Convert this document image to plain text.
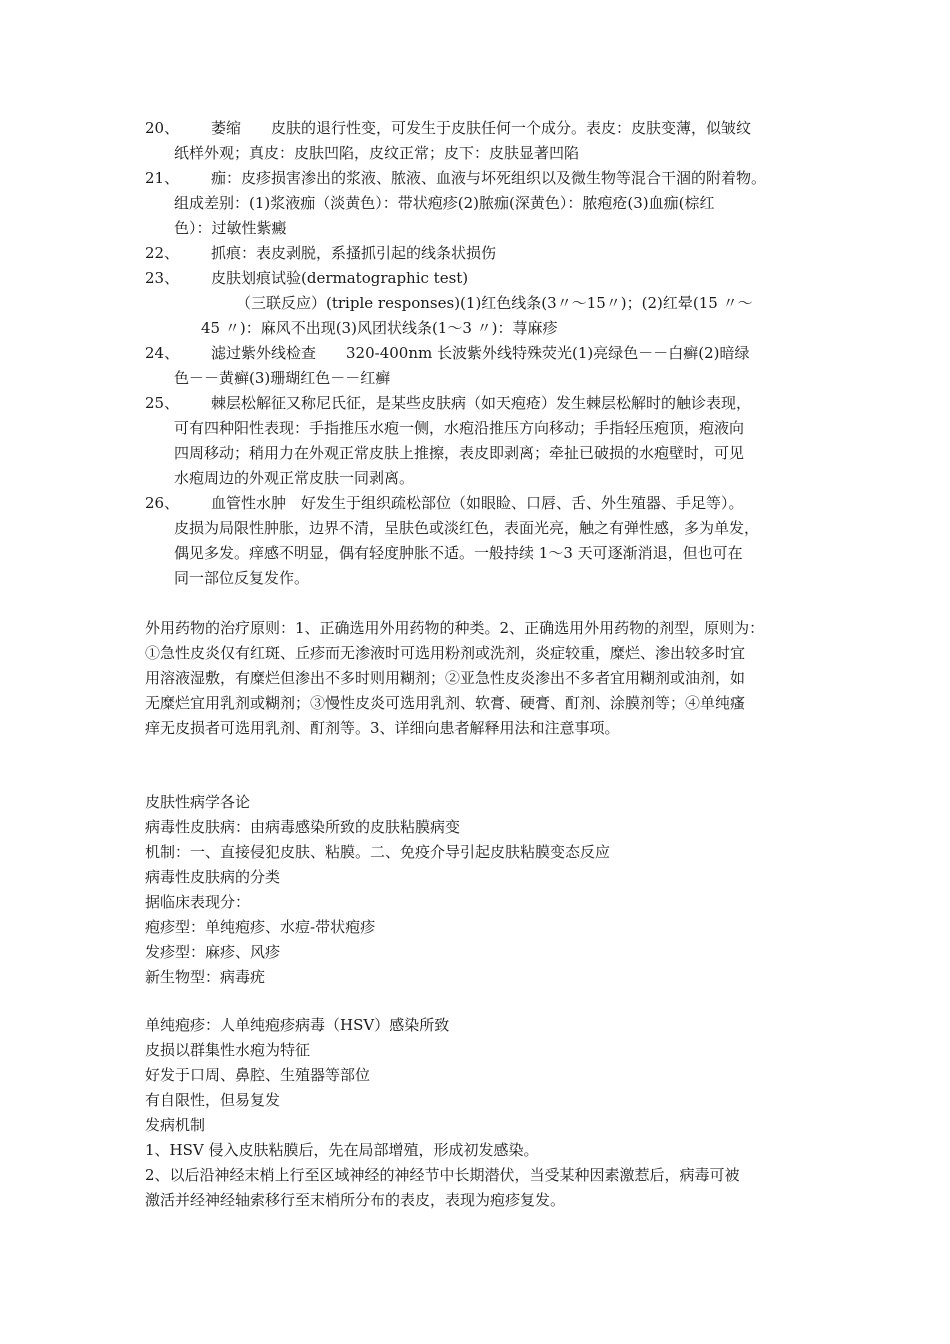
20、 萎缩　　皮肤的退行性变，可发生于皮肤任何一个成分。表皮：皮肤变薄，似皱纹
纸样外观；真皮：皮肤凹陷，皮纹正常；皮下：皮肤显著凹陷
21、 痂：皮疹损害渗出的浆液、脓液、血液与坏死组织以及微生物等混合干涸的附着物。
组成差别：(1)浆液痂（淡黄色）：带状疱疹(2)脓痂(深黄色）：脓疱疮(3)血痂(棕红
色）：过敏性紫癜
22、 抓痕：表皮剥脱，系搔抓引起的线条状损伤
23、 皮肤划痕试验(dermatographic test)
（三联反应）(triple responses)(1)红色线条(3〃～15〃)；(2)红晕(15 〃～
45 〃)：麻风不出现(3)风团状线条(1～3 〃)：荨麻疹
24、 滤过紫外线检查　　320-400nm 长波紫外线特殊荧光(1)亮绿色－－白癣(2)暗绿
色－－黄癣(3)珊瑚红色－－红癣
25、 棘层松解征又称尼氏征，是某些皮肤病（如天疱疮）发生棘层松解时的触诊表现，
可有四种阳性表现：手指推压水疱一侧，水疱沿推压方向移动；手指轻压疱顶，疱液向
四周移动；稍用力在外观正常皮肤上推擦，表皮即剥离；牵扯已破损的水疱壁时，可见
水疱周边的外观正常皮肤一同剥离。
26、 血管性水肿　好发生于组织疏松部位（如眼睑、口唇、舌、外生殖器、手足等）。
皮损为局限性肿胀，边界不清，呈肤色或淡红色，表面光亮，触之有弹性感，多为单发，
偶见多发。痒感不明显，偶有轻度肿胀不适。一般持续 1～3 天可逐渐消退，但也可在
同一部位反复发作。
外用药物的治疗原则：1、正确选用外用药物的种类。2、正确选用外用药物的剂型，原则为：
①急性皮炎仅有红斑、丘疹而无渗液时可选用粉剂或洗剂，炎症较重，糜烂、渗出较多时宜
用溶液湿敷，有糜烂但渗出不多时则用糊剂；②亚急性皮炎渗出不多者宜用糊剂或油剂，如
无糜烂宜用乳剂或糊剂；③慢性皮炎可选用乳剂、软膏、硬膏、酊剂、涂膜剂等；④单纯瘙
痒无皮损者可选用乳剂、酊剂等。3、详细向患者解释用法和注意事项。
皮肤性病学各论
病毒性皮肤病：由病毒感染所致的皮肤粘膜病变
机制：一、直接侵犯皮肤、粘膜。二、免疫介导引起皮肤粘膜变态反应
病毒性皮肤病的分类
据临床表现分：
疱疹型：单纯疱疹、水痘-带状疱疹
发疹型：麻疹、风疹
新生物型：病毒疣
单纯疱疹：人单纯疱疹病毒（HSV）感染所致
皮损以群集性水疱为特征
好发于口周、鼻腔、生殖器等部位
有自限性，但易复发
发病机制
1、HSV 侵入皮肤粘膜后，先在局部增殖，形成初发感染。
2、以后沿神经末梢上行至区域神经的神经节中长期潜伏，当受某种因素激惹后，病毒可被
激活并经神经轴索移行至末梢所分布的表皮，表现为疱疹复发。
